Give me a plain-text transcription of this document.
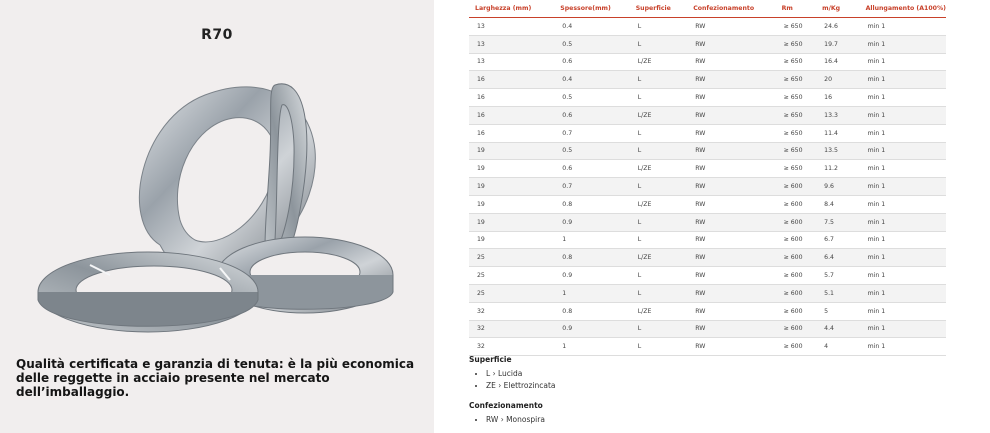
R70
Qualità certificata e garanzia di tenuta: è la più economica delle reggette in acciaio presente nel mercato dell’imballaggio.
Larghezza (mm)	Spessore(mm)	Superficie	Confezionamento	Rm	m/Kg	Allungamento (A100%)
13	0.4	L	RW	≥ 650	24.6	min 1
13	0.5	L	RW	≥ 650	19.7	min 1
13	0.6	L/ZE	RW	≥ 650	16.4	min 1
16	0.4	L	RW	≥ 650	20	min 1
16	0.5	L	RW	≥ 650	16	min 1
16	0.6	L/ZE	RW	≥ 650	13.3	min 1
16	0.7	L	RW	≥ 650	11.4	min 1
19	0.5	L	RW	≥ 650	13.5	min 1
19	0.6	L/ZE	RW	≥ 650	11.2	min 1
19	0.7	L	RW	≥ 600	9.6	min 1
19	0.8	L/ZE	RW	≥ 600	8.4	min 1
19	0.9	L	RW	≥ 600	7.5	min 1
19	1	L	RW	≥ 600	6.7	min 1
25	0.8	L/ZE	RW	≥ 600	6.4	min 1
25	0.9	L	RW	≥ 600	5.7	min 1
25	1	L	RW	≥ 600	5.1	min 1
32	0.8	L/ZE	RW	≥ 600	5	min 1
32	0.9	L	RW	≥ 600	4.4	min 1
32	1	L	RW	≥ 600	4	min 1
Superficie
• L › Lucida
• ZE › Elettrozincata
Confezionamento
• RW › Monospira
